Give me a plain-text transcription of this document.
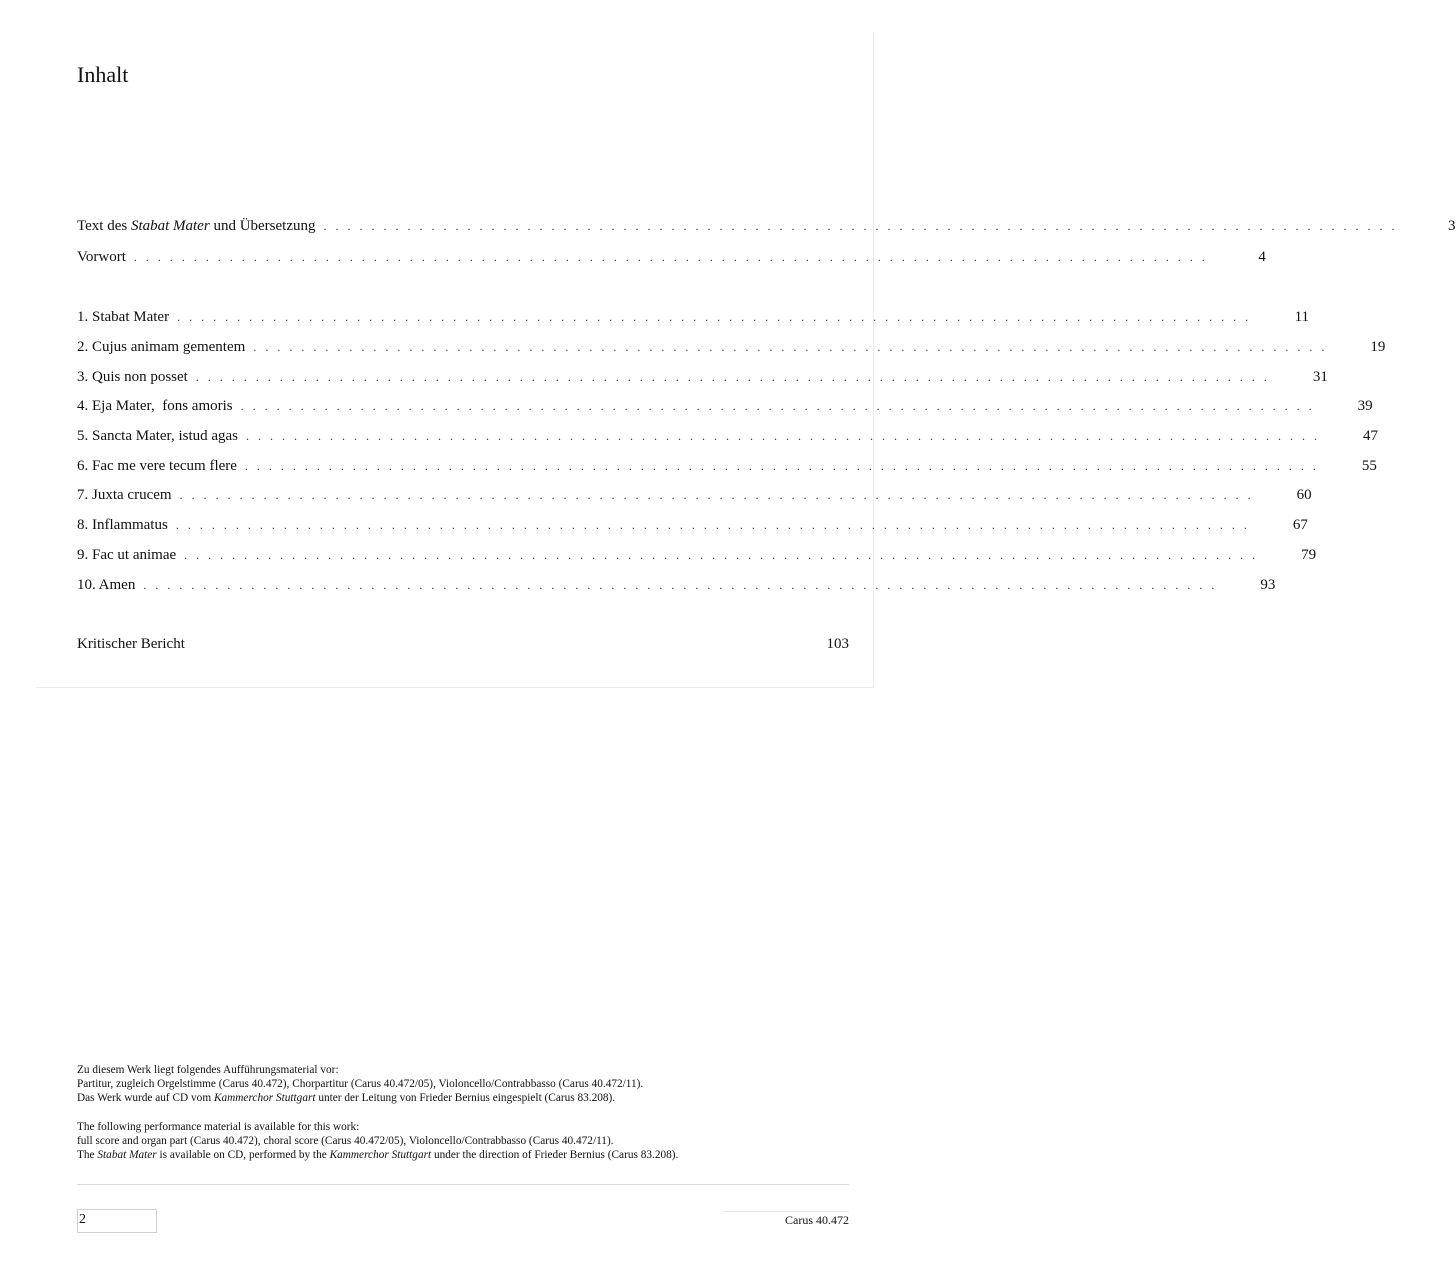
Inhalt
Text des Stabat Mater und Übersetzung ..........................................................................................	3
Vorwort ..........................................................................................	4
1. Stabat Mater ..........................................................................................	11
2. Cujus animam gementem ..........................................................................................	19
3. Quis non posset ..........................................................................................	31
4. Eja Mater,  fons amoris ..........................................................................................	39
5. Sancta Mater, istud agas ..........................................................................................	47
6. Fac me vere tecum flere ..........................................................................................	55
7. Juxta crucem ..........................................................................................	60
8. Inflammatus ..........................................................................................	67
9. Fac ut animae ..........................................................................................	79
10. Amen ..........................................................................................	93
Kritischer Bericht	103

Zu diesem Werk liegt folgendes Aufführungsmaterial vor:

Partitur, zugleich Orgelstimme (Carus 40.472), Chorpartitur (Carus 40.472/05), Violoncello/Contrabbasso (Carus 40.472/11).

Das Werk wurde auf CD vom Kammerchor Stuttgart unter der Leitung von Frieder Bernius eingespielt (Carus 83.208).

The following performance material is available for this work:

full score and organ part (Carus 40.472), choral score (Carus 40.472/05), Violoncello/Contrabbasso (Carus 40.472/11).

The Stabat Mater is available on CD, performed by the Kammerchor Stuttgart under the direction of Frieder Bernius (Carus 83.208).

2	Carus 40.472
